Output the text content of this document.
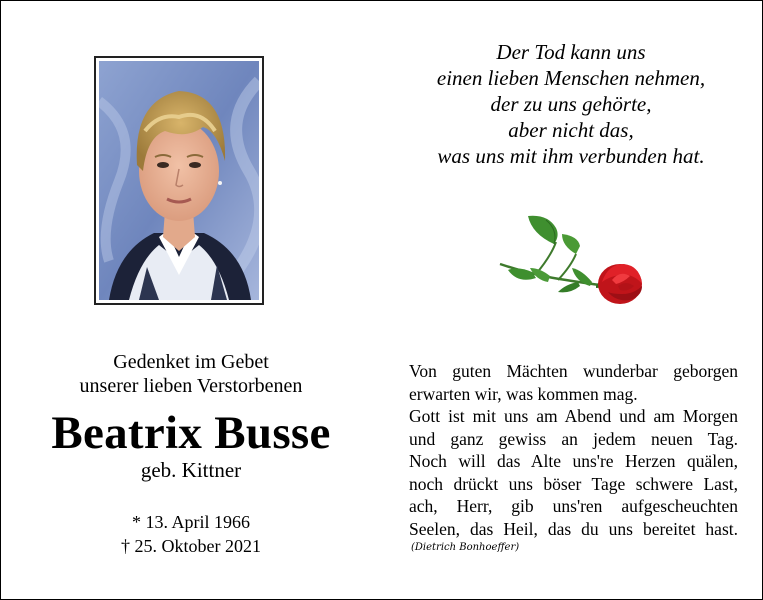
Der Tod kann uns
einen lieben Menschen nehmen,
der zu uns gehörte,
aber nicht das,
was uns mit ihm verbunden hat.
Gedenket im Gebet
unserer lieben Verstorbenen
Beatrix Busse
geb. Kittner
* 13. April 1966
† 25. Oktober 2021
Von guten Mächten wunderbar geborgen
erwarten wir, was kommen mag.
Gott ist mit uns am Abend und am Morgen
und ganz gewiss an jedem neuen Tag.
Noch will das Alte uns're Herzen quälen,
noch drückt uns böser Tage schwere Last,
ach, Herr, gib uns'ren aufgescheuchten
Seelen, das Heil, das du uns bereitet hast.
(Dietrich Bonhoeffer)
